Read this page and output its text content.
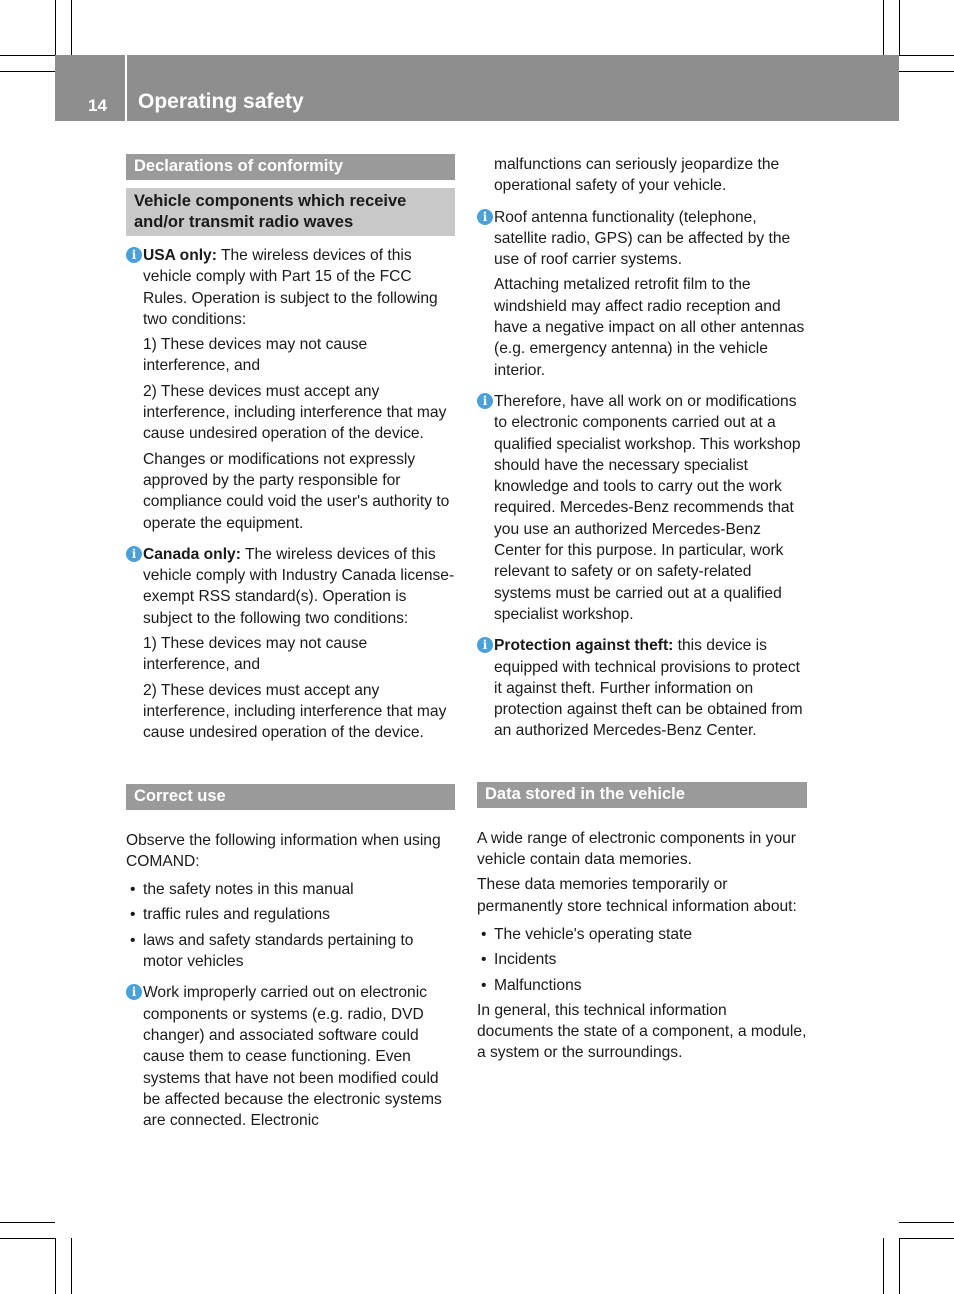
14 Operating safety
Declarations of conformity
Vehicle components which receive and/or transmit radio waves
i USA only: The wireless devices of this vehicle comply with Part 15 of the FCC Rules. Operation is subject to the following two conditions:

1) These devices may not cause interference, and

2) These devices must accept any interference, including interference that may cause undesired operation of the device.

Changes or modifications not expressly approved by the party responsible for compliance could void the user's authority to operate the equipment.

i Canada only: The wireless devices of this vehicle comply with Industry Canada license-exempt RSS standard(s). Operation is subject to the following two conditions:

1) These devices may not cause interference, and

2) These devices must accept any interference, including interference that may cause undesired operation of the device.

Correct use

Observe the following information when using COMAND:

• the safety notes in this manual

• traffic rules and regulations

• laws and safety standards pertaining to motor vehicles

i Work improperly carried out on electronic components or systems (e.g. radio, DVD changer) and associated software could cause them to cease functioning. Even systems that have not been modified could be affected because the electronic systems are connected. Electronic

malfunctions can seriously jeopardize the operational safety of your vehicle.

i Roof antenna functionality (telephone, satellite radio, GPS) can be affected by the use of roof carrier systems.

Attaching metalized retrofit film to the windshield may affect radio reception and have a negative impact on all other antennas (e.g. emergency antenna) in the vehicle interior.

i Therefore, have all work on or modifications to electronic components carried out at a qualified specialist workshop. This workshop should have the necessary specialist knowledge and tools to carry out the work required. Mercedes-Benz recommends that you use an authorized Mercedes-Benz Center for this purpose. In particular, work relevant to safety or on safety-related systems must be carried out at a qualified specialist workshop.

i Protection against theft: this device is equipped with technical provisions to protect it against theft. Further information on protection against theft can be obtained from an authorized Mercedes-Benz Center.

Data stored in the vehicle

A wide range of electronic components in your vehicle contain data memories.

These data memories temporarily or permanently store technical information about:

• The vehicle's operating state

• Incidents

• Malfunctions

In general, this technical information documents the state of a component, a module, a system or the surroundings.
